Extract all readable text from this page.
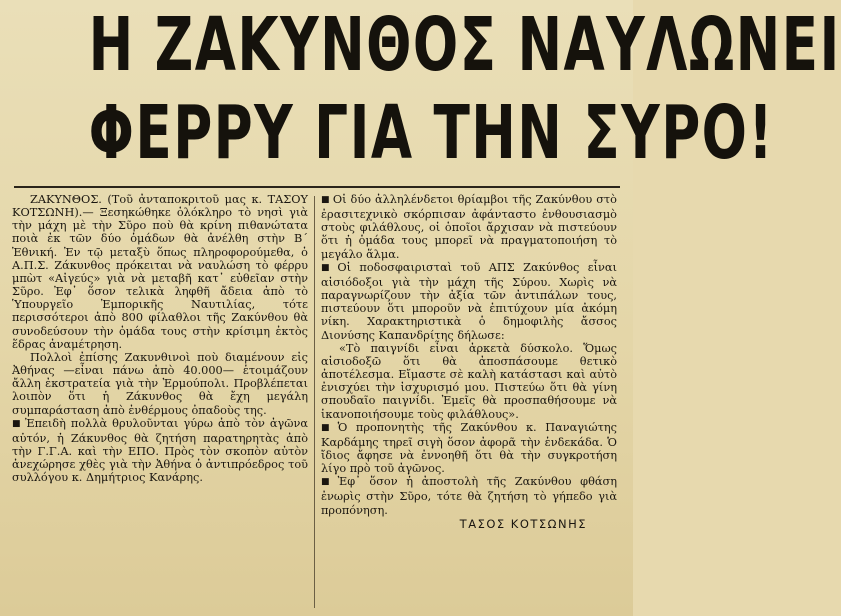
Η ΖΑΚΥΝΘΟΣ ΝΑΥΛΩΝΕΙ
ΦΕΡΡΥ ΓΙΑ ΤΗΝ ΣΥΡΟ!

ΖΑΚΥΝΘΟΣ. (Τοῦ ἀνταποκριτοῦ μας κ. ΤΑΣΟΥ ΚΟΤΣΩΝΗ).— Ξεσηκώθηκε ὁλόκληρο τὸ νησὶ γιὰ τὴν μάχη μὲ τὴν Σῦρο ποὺ θὰ κρίνη πιθανώτατα ποιὰ ἐκ τῶν δύο ὁμάδων θὰ ἀνέλθη στὴν Β΄ Ἐθνική. Ἐν τῷ μεταξὺ ὅπως πληροφορούμεθα, ὁ Α.Π.Σ. Ζάκυνθος πρόκειται νὰ ναυλώση τὸ φέρρυ μπὼτ «Αἰγεύς» γιὰ νὰ μεταβῆ κατ᾿ εὐθεῖαν στὴν Σῦρο. Ἐφ᾿ ὅσον τελικὰ ληφθῆ ἄδεια ἀπὸ τὸ Ὑπουργεῖο Ἐμπορικῆς Ναυτιλίας, τότε περισσότεροι ἀπὸ 800 φίλαθλοι τῆς Ζακύνθου θὰ συνοδεύσουν τὴν ὁμάδα τους στὴν κρίσιμη ἐκτὸς ἕδρας ἀναμέτρηση.

Πολλοὶ ἐπίσης Ζακυνθινοὶ ποὺ διαμένουν εἰς Ἀθήνας —εἶναι πάνω ἀπὸ 40.000— ἑτοιμάζουν ἄλλη ἐκστρατεία γιὰ τὴν Ἑρμούπολι. Προβλέπεται λοιπὸν ὅτι ἡ Ζάκυνθος θὰ ἔχη μεγάλη συμπαράσταση ἀπὸ ἐνθέρμους ὀπαδοὺς της.

■ Ἐπειδὴ πολλὰ θρυλοῦνται γύρω ἀπὸ τὸν ἀγῶνα αὐτόν, ἡ Ζάκυνθος θὰ ζητήση παρατηρητὰς ἀπὸ τὴν Γ.Γ.Α. καὶ τὴν ΕΠΟ. Πρὸς τὸν σκοπὸν αὐτὸν ἀνεχώρησε χθὲς γιὰ τὴν Ἀθήνα ὁ ἀντιπρόεδρος τοῦ συλλόγου κ. Δημήτριος Κανάρης.

■ Οἱ δύο ἀλληλένδετοι θρίαμβοι τῆς Ζακύνθου στὸ ἐρασιτεχνικὸ σκόρπισαν ἀφάνταστο ἐνθουσιασμὸ στοὺς φιλάθλους, οἱ ὁποῖοι ἄρχισαν νὰ πιστεύουν ὅτι ἡ ὁμάδα τους μπορεῖ νὰ πραγματοποιήση τὸ μεγάλο ἅλμα.

■ Οἱ ποδοσφαιρισταὶ τοῦ ΑΠΣ Ζακύνθος εἶναι αἰσιόδοξοι γιὰ τὴν μάχη τῆς Σύρου. Χωρὶς νὰ παραγνωρίζουν τὴν ἀξία τῶν ἀντιπάλων τους, πιστεύουν ὅτι μποροῦν νὰ ἐπιτύχουν μία ἀκόμη νίκη. Χαρακτηριστικὰ ὁ δημοφιλὴς ἄσσος Διονύσης Καπανδρίτης δήλωσε:

«Τὸ παιγνίδι εἶναι ἀρκετὰ δύσκολο. Ὅμως αἰσιοδοξῶ ὅτι θὰ ἀποσπάσουμε θετικὸ ἀποτέλεσμα. Εἴμαστε σὲ καλὴ κατάστασι καὶ αὐτὸ ἐνισχύει τὴν ἰσχυρισμό μου. Πιστεύω ὅτι θὰ γίνη σπουδαῖο παιγνίδι. Ἐμεῖς θὰ προσπαθήσουμε νὰ ἱκανοποιήσουμε τοὺς φιλάθλους».

■ Ὁ προπονητὴς τῆς Ζακύνθου κ. Παναγιώτης Καρδάμης τηρεῖ σιγὴ ὅσον ἀφορᾶ τὴν ἑνδεκάδα. Ὁ ἴδιος ἄφησε νὰ ἐννοηθῆ ὅτι θὰ τὴν συγκροτήση λίγο πρὸ τοῦ ἀγῶνος.

■ Ἐφ᾿ ὅσον ἡ ἀποστολὴ τῆς Ζακύνθου φθάση ἐνωρὶς στὴν Σῦρο, τότε θὰ ζητήση τὸ γήπεδο γιὰ προπόνηση.

ΤΑΣΟΣ ΚΟΤΣΩΝΗΣ
